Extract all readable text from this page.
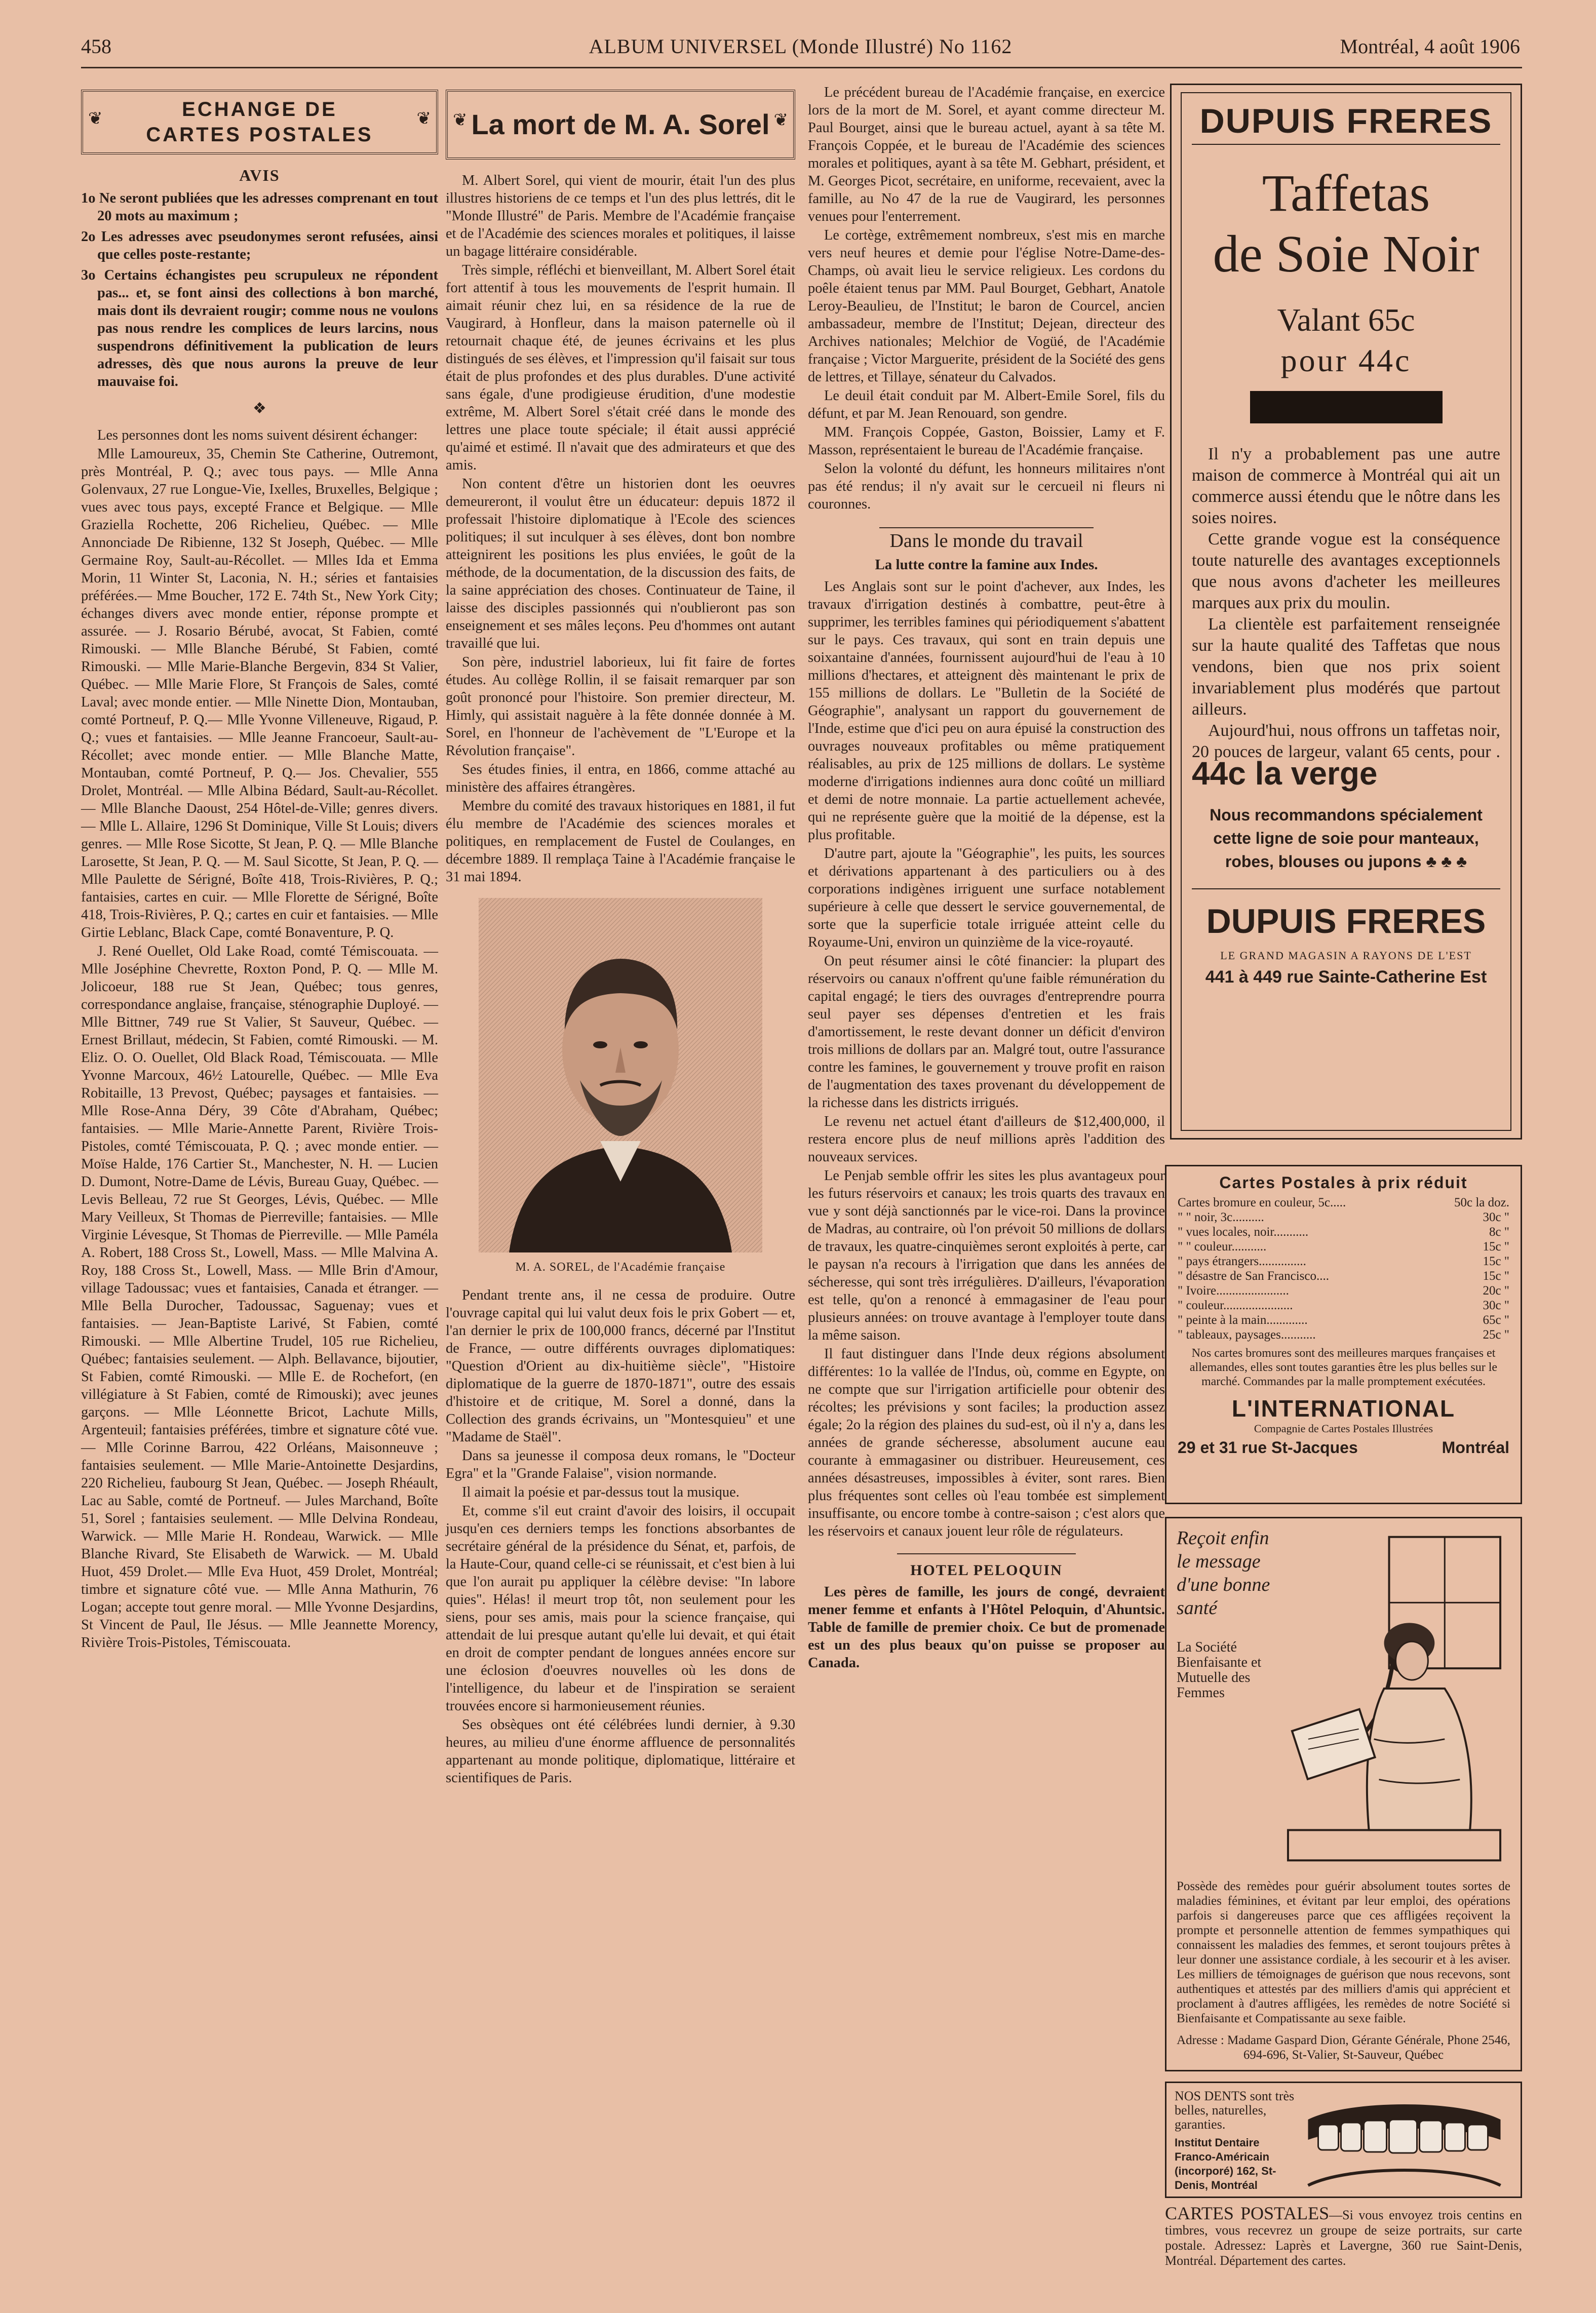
458	ALBUM UNIVERSEL (Monde Illustré) No 1162	Montréal, 4 août 1906
❦ ECHANGE DE
CARTES POSTALES
❦
AVIS

1o Ne seront publiées que les adresses comprenant en tout 20 mots au maximum ;

2o Les adresses avec pseudonymes seront refusées, ainsi que celles poste-restante;

3o Certains échangistes peu scrupuleux ne répondent pas... et, se font ainsi des collections à bon marché, mais dont ils devraient rougir; comme nous ne voulons pas nous rendre les complices de leurs larcins, nous suspendrons définitivement la publication de leurs adresses, dès que nous aurons la preuve de leur mauvaise foi.

❖

Les personnes dont les noms suivent désirent échanger:

Mlle Lamoureux, 35, Chemin Ste Catherine, Outremont, près Montréal, P. Q.; avec tous pays. — Mlle Anna Golenvaux, 27 rue Longue-Vie, Ixelles, Bruxelles, Belgique ; vues avec tous pays, excepté France et Belgique. — Mlle Graziella Rochette, 206 Richelieu, Québec. — Mlle Annonciade De Ribienne, 132 St Joseph, Québec. — Mlle Germaine Roy, Sault-au-Récollet. — Mlles Ida et Emma Morin, 11 Winter St, Laconia, N. H.; séries et fantaisies préférées.— Mme Boucher, 172 E. 74th St., New York City; échanges divers avec monde entier, réponse prompte et assurée. — J. Rosario Bérubé, avocat, St Fabien, comté Rimouski. — Mlle Blanche Bérubé, St Fabien, comté Rimouski. — Mlle Marie-Blanche Bergevin, 834 St Valier, Québec. — Mlle Marie Flore, St François de Sales, comté Laval; avec monde entier. — Mlle Ninette Dion, Montauban, comté Portneuf, P. Q.— Mlle Yvonne Villeneuve, Rigaud, P. Q.; vues et fantaisies. — Mlle Jeanne Francoeur, Sault-au-Récollet; avec monde entier. — Mlle Blanche Matte, Montauban, comté Portneuf, P. Q.— Jos. Chevalier, 555 Drolet, Montréal. — Mlle Albina Bédard, Sault-au-Récollet. — Mlle Blanche Daoust, 254 Hôtel-de-Ville; genres divers. — Mlle L. Allaire, 1296 St Dominique, Ville St Louis; divers genres. — Mlle Rose Sicotte, St Jean, P. Q. — Mlle Blanche Larosette, St Jean, P. Q. — M. Saul Sicotte, St Jean, P. Q. — Mlle Paulette de Sérigné, Boîte 418, Trois-Rivières, P. Q.; fantaisies, cartes en cuir. — Mlle Florette de Sérigné, Boîte 418, Trois-Rivières, P. Q.; cartes en cuir et fantaisies. — Mlle Girtie Leblanc, Black Cape, comté Bonaventure, P. Q.

J. René Ouellet, Old Lake Road, comté Témiscouata. — Mlle Joséphine Chevrette, Roxton Pond, P. Q. — Mlle M. Jolicoeur, 188 rue St Jean, Québec; tous genres, correspondance anglaise, française, sténographie Duployé. — Mlle Bittner, 749 rue St Valier, St Sauveur, Québec. — Ernest Brillaut, médecin, St Fabien, comté Rimouski. — M. Eliz. O. O. Ouellet, Old Black Road, Témiscouata. — Mlle Yvonne Marcoux, 46½ Latourelle, Québec. — Mlle Eva Robitaille, 13 Prevost, Québec; paysages et fantaisies. — Mlle Rose-Anna Déry, 39 Côte d'Abraham, Québec; fantaisies. — Mlle Marie-Annette Parent, Rivière Trois-Pistoles, comté Témiscouata, P. Q. ; avec monde entier. — Moïse Halde, 176 Cartier St., Manchester, N. H. — Lucien D. Dumont, Notre-Dame de Lévis, Bureau Guay, Québec. — Levis Belleau, 72 rue St Georges, Lévis, Québec. — Mlle Mary Veilleux, St Thomas de Pierreville; fantaisies. — Mlle Virginie Lévesque, St Thomas de Pierreville. — Mlle Paméla A. Robert, 188 Cross St., Lowell, Mass. — Mlle Malvina A. Roy, 188 Cross St., Lowell, Mass. — Mlle Brin d'Amour, village Tadoussac; vues et fantaisies, Canada et étranger. — Mlle Bella Durocher, Tadoussac, Saguenay; vues et fantaisies. — Jean-Baptiste Larivé, St Fabien, comté Rimouski. — Mlle Albertine Trudel, 105 rue Richelieu, Québec; fantaisies seulement. — Alph. Bellavance, bijoutier, St Fabien, comté Rimouski. — Mlle E. de Rochefort, (en villégiature à St Fabien, comté de Rimouski); avec jeunes garçons. — Mlle Léonnette Bricot, Lachute Mills, Argenteuil; fantaisies préférées, timbre et signature côté vue. — Mlle Corinne Barrou, 422 Orléans, Maisonneuve ; fantaisies seulement. — Mlle Marie-Antoinette Desjardins, 220 Richelieu, faubourg St Jean, Québec. — Joseph Rhéault, Lac au Sable, comté de Portneuf. — Jules Marchand, Boîte 51, Sorel ; fantaisies seulement. — Mlle Delvina Rondeau, Warwick. — Mlle Marie H. Rondeau, Warwick. — Mlle Blanche Rivard, Ste Elisabeth de Warwick. — M. Ubald Huot, 459 Drolet.— Mlle Eva Huot, 459 Drolet, Montréal; timbre et signature côté vue. — Mlle Anna Mathurin, 76 Logan; accepte tout genre moral. — Mlle Yvonne Desjardins, St Vincent de Paul, Ile Jésus. — Mlle Jeannette Morency, Rivière Trois-Pistoles, Témiscouata.

❦ La mort de M. A. Sorel
❦

M. Albert Sorel, qui vient de mourir, était l'un des plus illustres historiens de ce temps et l'un des plus lettrés, dit le "Monde Illustré" de Paris. Membre de l'Académie française et de l'Académie des sciences morales et politiques, il laisse un bagage littéraire considérable.

Très simple, réfléchi et bienveillant, M. Albert Sorel était fort attentif à tous les mouvements de l'esprit humain. Il aimait réunir chez lui, en sa résidence de la rue de Vaugirard, à Honfleur, dans la maison paternelle où il retournait chaque été, de jeunes écrivains et les plus distingués de ses élèves, et l'impression qu'il faisait sur tous était de plus profondes et des plus durables. D'une activité sans égale, d'une prodigieuse érudition, d'une modestie extrême, M. Albert Sorel s'était créé dans le monde des lettres une place toute spéciale; il était aussi apprécié qu'aimé et estimé. Il n'avait que des admirateurs et que des amis.

Non content d'être un historien dont les oeuvres demeureront, il voulut être un éducateur: depuis 1872 il professait l'histoire diplomatique à l'Ecole des sciences politiques; il sut inculquer à ses élèves, dont bon nombre atteignirent les positions les plus enviées, le goût de la méthode, de la documentation, de la discussion des faits, de la saine appréciation des choses. Continuateur de Taine, il laisse des disciples passionnés qui n'oublieront pas son enseignement et ses mâles leçons. Peu d'hommes ont autant travaillé que lui.

Son père, industriel laborieux, lui fit faire de fortes études. Au collège Rollin, il se faisait remarquer par son goût prononcé pour l'histoire. Son premier directeur, M. Himly, qui assistait naguère à la fête donnée donnée à M. Sorel, en l'honneur de l'achèvement de "L'Europe et la Révolution française".

Ses études finies, il entra, en 1866, comme attaché au ministère des affaires étrangères.

Membre du comité des travaux historiques en 1881, il fut élu membre de l'Académie des sciences morales et politiques, en remplacement de Fustel de Coulanges, en décembre 1889. Il remplaça Taine à l'Académie française le 31 mai 1894.

M. A. SOREL, de l'Académie française

Pendant trente ans, il ne cessa de produire. Outre l'ouvrage capital qui lui valut deux fois le prix Gobert — et, l'an dernier le prix de 100,000 francs, décerné par l'Institut de France, — outre différents ouvrages diplomatiques: "Question d'Orient au dix-huitième siècle", "Histoire diplomatique de la guerre de 1870-1871", outre des essais d'histoire et de critique, M. Sorel a donné, dans la Collection des grands écrivains, un "Montesquieu" et une "Madame de Staël".

Dans sa jeunesse il composa deux romans, le "Docteur Egra" et la "Grande Falaise", vision normande.

Il aimait la poésie et par-dessus tout la musique.

Et, comme s'il eut craint d'avoir des loisirs, il occupait jusqu'en ces derniers temps les fonctions absorbantes de secrétaire général de la présidence du Sénat, et, parfois, de la Haute-Cour, quand celle-ci se réunissait, et c'est bien à lui que l'on aurait pu appliquer la célèbre devise: "In labore quies". Hélas! il meurt trop tôt, non seulement pour les siens, pour ses amis, mais pour la science française, qui attendait de lui presque autant qu'elle lui devait, et qui était en droit de compter pendant de longues années encore sur une éclosion d'oeuvres nouvelles où les dons de l'intelligence, du labeur et de l'inspiration se seraient trouvées encore si harmonieusement réunies.

Ses obsèques ont été célébrées lundi dernier, à 9.30 heures, au milieu d'une énorme affluence de personnalités appartenant au monde politique, diplomatique, littéraire et scientifiques de Paris.

Le précédent bureau de l'Académie française, en exercice lors de la mort de M. Sorel, et ayant comme directeur M. Paul Bourget, ainsi que le bureau actuel, ayant à sa tête M. François Coppée, et le bureau de l'Académie des sciences morales et politiques, ayant à sa tête M. Gebhart, président, et M. Georges Picot, secrétaire, en uniforme, recevaient, avec la famille, au No 47 de la rue de Vaugirard, les personnes venues pour l'enterrement.

Le cortège, extrêmement nombreux, s'est mis en marche vers neuf heures et demie pour l'église Notre-Dame-des-Champs, où avait lieu le service religieux. Les cordons du poêle étaient tenus par MM. Paul Bourget, Gebhart, Anatole Leroy-Beaulieu, de l'Institut; le baron de Courcel, ancien ambassadeur, membre de l'Institut; Dejean, directeur des Archives nationales; Melchior de Vogüé, de l'Académie française ; Victor Marguerite, président de la Société des gens de lettres, et Tillaye, sénateur du Calvados.

Le deuil était conduit par M. Albert-Emile Sorel, fils du défunt, et par M. Jean Renouard, son gendre.

MM. François Coppée, Gaston, Boissier, Lamy et F. Masson, représentaient le bureau de l'Académie française.

Selon la volonté du défunt, les honneurs militaires n'ont pas été rendus; il n'y avait sur le cercueil ni fleurs ni couronnes.

Dans le monde du travail
La lutte contre la famine aux Indes.

Les Anglais sont sur le point d'achever, aux Indes, les travaux d'irrigation destinés à combattre, peut-être à supprimer, les terribles famines qui périodiquement s'abattent sur le pays. Ces travaux, qui sont en train depuis une soixantaine d'années, fournissent aujourd'hui de l'eau à 10 millions d'hectares, et atteignent dès maintenant le prix de 155 millions de dollars. Le "Bulletin de la Société de Géographie", analysant un rapport du gouvernement de l'Inde, estime que d'ici peu on aura épuisé la construction des ouvrages nouveaux profitables ou même pratiquement réalisables, au prix de 125 millions de dollars. Le système moderne d'irrigations indiennes aura donc coûté un milliard et demi de notre monnaie. La partie actuellement achevée, qui ne représente guère que la moitié de la dépense, est la plus profitable.

D'autre part, ajoute la "Géographie", les puits, les sources et dérivations appartenant à des particuliers ou à des corporations indigènes irriguent une surface notablement supérieure à celle que dessert le service gouvernemental, de sorte que la superficie totale irriguée atteint celle du Royaume-Uni, environ un quinzième de la vice-royauté.

On peut résumer ainsi le côté financier: la plupart des réservoirs ou canaux n'offrent qu'une faible rémunération du capital engagé; le tiers des ouvrages d'entreprendre pourra seul payer ses dépenses d'entretien et les frais d'amortissement, le reste devant donner un déficit d'environ trois millions de dollars par an. Malgré tout, outre l'assurance contre les famines, le gouvernement y trouve profit en raison de l'augmentation des taxes provenant du développement de la richesse dans les districts irrigués.

Le revenu net actuel étant d'ailleurs de $12,400,000, il restera encore plus de neuf millions après l'addition des nouveaux services.

Le Penjab semble offrir les sites les plus avantageux pour les futurs réservoirs et canaux; les trois quarts des travaux en vue y sont déjà sanctionnés par le vice-roi. Dans la province de Madras, au contraire, où l'on prévoit 50 millions de dollars de travaux, les quatre-cinquièmes seront exploités à perte, car le paysan n'a recours à l'irrigation que dans les années de sécheresse, qui sont très irrégulières. D'ailleurs, l'évaporation est telle, qu'on a renoncé à emmagasiner de l'eau pour plusieurs années: on trouve avantage à l'employer toute dans la même saison.

Il faut distinguer dans l'Inde deux régions absolument différentes: 1o la vallée de l'Indus, où, comme en Egypte, on ne compte que sur l'irrigation artificielle pour obtenir des récoltes; les prévisions y sont faciles; la production assez égale; 2o la région des plaines du sud-est, où il n'y a, dans les années de grande sécheresse, absolument aucune eau courante à emmagasiner ou distribuer. Heureusement, ces années désastreuses, impossibles à éviter, sont rares. Bien plus fréquentes sont celles où l'eau tombée est simplement insuffisante, ou encore tombe à contre-saison ; c'est alors que les réservoirs et canaux jouent leur rôle de régulateurs.

HOTEL PELOQUIN

Les pères de famille, les jours de congé, devraient mener femme et enfants à l'Hôtel Peloquin, d'Ahuntsic. Table de famille de premier choix. Ce but de promenade est un des plus beaux qu'on puisse se proposer au Canada.

DUPUIS FRERES
Taffetas
de Soie Noir
Valant 65c
pour 44c

Il n'y a probablement pas une autre maison de commerce à Montréal qui ait un commerce aussi étendu que le nôtre dans les soies noires.

Cette grande vogue est la conséquence toute naturelle des avantages exceptionnels que nous avons d'acheter les meilleures marques aux prix du moulin.

La clientèle est parfaitement renseignée sur la haute qualité des Taffetas que nous vendons, bien que nos prix soient invariablement plus modérés que partout ailleurs.

Aujourd'hui, nous offrons un taffetas noir, 20 pouces de largeur, valant 65 cents, pour . 44c la verge

Nous recommandons spécialement cette ligne de soie pour manteaux, robes, blouses ou jupons ♣ ♣ ♣
DUPUIS FRERES
LE GRAND MAGASIN A RAYONS DE L'EST
441 à 449 rue Sainte-Catherine Est
Cartes Postales à prix réduit
Cartes bromure en couleur, 5c.....	50c la doz.
" " noir, 3c..........	30c "
" vues locales, noir...........	8c "
" " couleur...........	15c "
" pays étrangers...............	15c "
" désastre de San Francisco....	15c "
" Ivoire.......................	20c "
" couleur......................	30c "
" peinte à la main.............	65c "
" tableaux, paysages...........	25c "
Nos cartes bromures sont des meilleures marques françaises et allemandes, elles sont toutes garanties être les plus belles sur le marché. Commandes par la malle promptement exécutées.
L'INTERNATIONAL
Compagnie de Cartes Postales Illustrées
29 et 31 rue St-Jacques	Montréal
Reçoit enfin le message d'une bonne santé
La Société Bienfaisante et Mutuelle des Femmes
Possède des remèdes pour guérir absolument toutes sortes de maladies féminines, et évitant par leur emploi, des opérations parfois si dangereuses parce que ces affligées reçoivent la prompte et personnelle attention de femmes sympathiques qui connaissent les maladies des femmes, et seront toujours prêtes à leur donner une assistance cordiale, à les secourir et à les aviser. Les milliers de témoignages de guérison que nous recevons, sont authentiques et attestés par des milliers d'amis qui apprécient et proclament à d'autres affligées, les remèdes de notre Société si Bienfaisante et Compatissante au sexe faible.
Adresse : Madame Gaspard Dion, Gérante Générale, Phone 2546, 694-696, St-Valier, St-Sauveur, Québec
NOS DENTS sont très belles, naturelles, garanties.
Institut Dentaire Franco-Américain (incorporé) 162, St-Denis, Montréal
CARTES POSTALES—Si vous envoyez trois centins en timbres, vous recevrez un groupe de seize portraits, sur carte postale. Adressez: Laprès et Lavergne, 360 rue Saint-Denis, Montréal. Département des cartes.
